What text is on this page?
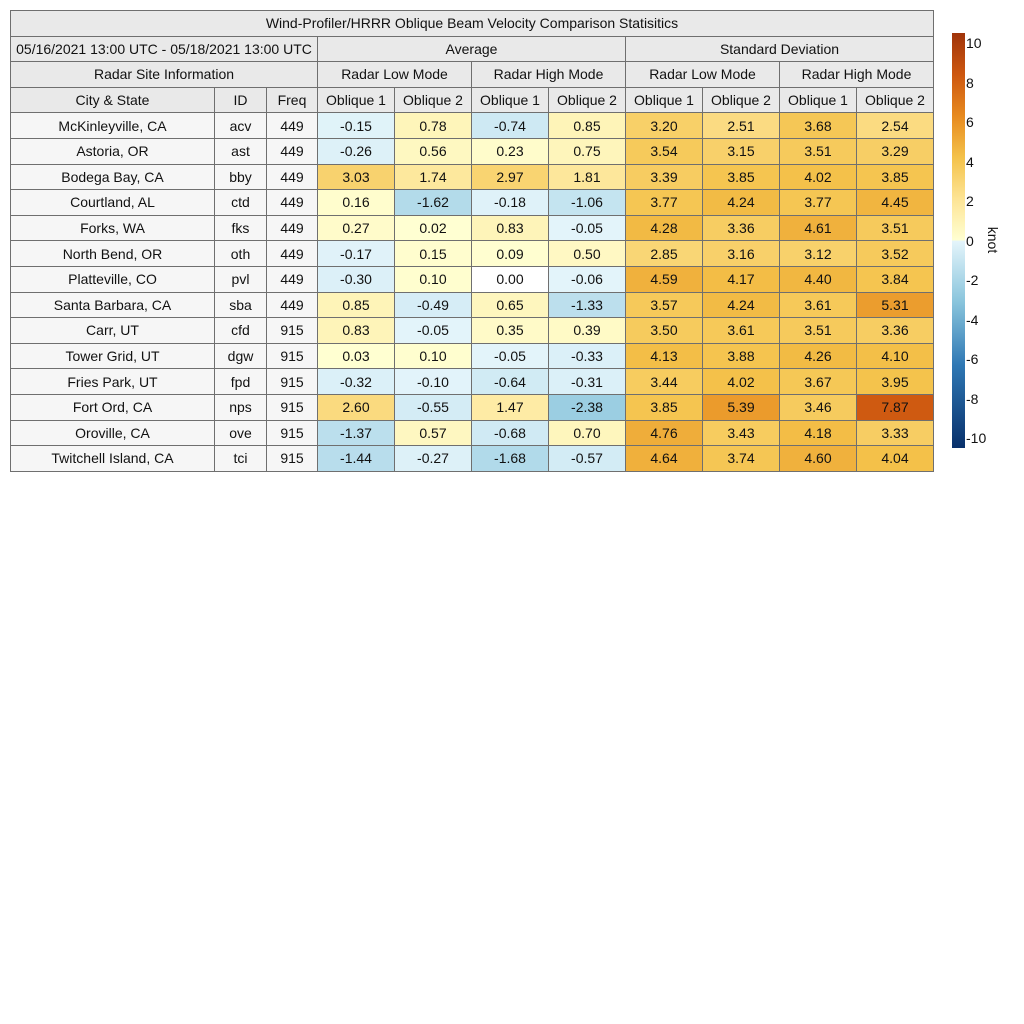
Wind-Profiler/HRRR Oblique Beam Velocity Comparison Statisitics										
05/16/2021 13:00 UTC - 05/18/2021 13:00 UTC			Average				Standard Deviation			
Radar Site Information			Radar Low Mode		Radar High Mode		Radar Low Mode		Radar High Mode	
City & State	ID	Freq	Oblique 1	Oblique 2	Oblique 1	Oblique 2	Oblique 1	Oblique 2	Oblique 1	Oblique 2
McKinleyville, CA	acv	449	-0.15	0.78	-0.74	0.85	3.20	2.51	3.68	2.54
Astoria, OR	ast	449	-0.26	0.56	0.23	0.75	3.54	3.15	3.51	3.29
Bodega Bay, CA	bby	449	3.03	1.74	2.97	1.81	3.39	3.85	4.02	3.85
Courtland, AL	ctd	449	0.16	-1.62	-0.18	-1.06	3.77	4.24	3.77	4.45
Forks, WA	fks	449	0.27	0.02	0.83	-0.05	4.28	3.36	4.61	3.51
North Bend, OR	oth	449	-0.17	0.15	0.09	0.50	2.85	3.16	3.12	3.52
Platteville, CO	pvl	449	-0.30	0.10	0.00	-0.06	4.59	4.17	4.40	3.84
Santa Barbara, CA	sba	449	0.85	-0.49	0.65	-1.33	3.57	4.24	3.61	5.31
Carr, UT	cfd	915	0.83	-0.05	0.35	0.39	3.50	3.61	3.51	3.36
Tower Grid, UT	dgw	915	0.03	0.10	-0.05	-0.33	4.13	3.88	4.26	4.10
Fries Park, UT	fpd	915	-0.32	-0.10	-0.64	-0.31	3.44	4.02	3.67	3.95
Fort Ord, CA	nps	915	2.60	-0.55	1.47	-2.38	3.85	5.39	3.46	7.87
Oroville, CA	ove	915	-1.37	0.57	-0.68	0.70	4.76	3.43	4.18	3.33
Twitchell Island, CA	tci	915	-1.44	-0.27	-1.68	-0.57	4.64	3.74	4.60	4.04
10
8
6
4
2
0
-2
-4
-6
-8
-10
knot
